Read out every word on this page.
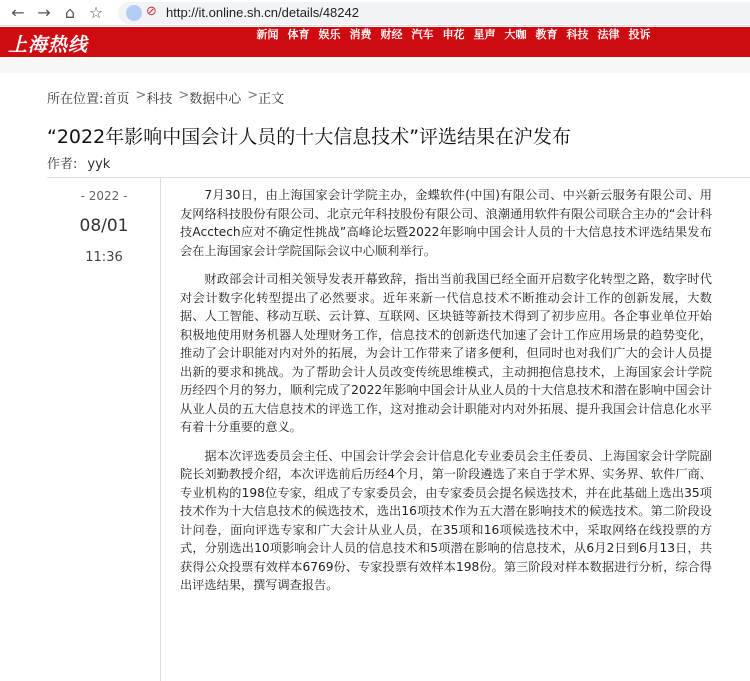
← → ⌂ ☆	⊘ http://it.online.sh.cn/details/48242
上海热线	新闻 体育 娱乐 消费 财经 汽车 申花 星声 大咖 教育 科技 法律 投诉
所在位置: 首页 > 科技 > 数据中心 > 正文
“2022年影响中国会计人员的十大信息技术”评选结果在沪发布
作者: yyk
- 2022 -
08/01
11:36

7月30日，由上海国家会计学院主办，金蝶软件(中国)有限公司、中兴新云服务有限公司、用友网络科技股份有限公司、北京元年科技股份有限公司、浪潮通用软件有限公司联合主办的“会计科技Acctech应对不确定性挑战”高峰论坛暨2022年影响中国会计人员的十大信息技术评选结果发布会在上海国家会计学院国际会议中心顺利举行。

财政部会计司相关领导发表开幕致辞，指出当前我国已经全面开启数字化转型之路，数字时代对会计数字化转型提出了必然要求。近年来新一代信息技术不断推动会计工作的创新发展，大数据、人工智能、移动互联、云计算、互联网、区块链等新技术得到了初步应用。各企事业单位开始积极地使用财务机器人处理财务工作，信息技术的创新迭代加速了会计工作应用场景的趋势变化，推动了会计职能对内对外的拓展，为会计工作带来了诸多便利，但同时也对我们广大的会计人员提出新的要求和挑战。为了帮助会计人员改变传统思维模式，主动拥抱信息技术，上海国家会计学院历经四个月的努力，顺利完成了2022年影响中国会计从业人员的十大信息技术和潜在影响中国会计从业人员的五大信息技术的评选工作，这对推动会计职能对内对外拓展、提升我国会计信息化水平有着十分重要的意义。

据本次评选委员会主任、中国会计学会会计信息化专业委员会主任委员、上海国家会计学院副院长刘勤教授介绍，本次评选前后历经4个月，第一阶段遴选了来自于学术界、实务界、软件厂商、专业机构的198位专家，组成了专家委员会，由专家委员会提名候选技术，并在此基础上选出35项技术作为十大信息技术的候选技术，选出16项技术作为五大潜在影响技术的候选技术。第二阶段设计问卷，面向评选专家和广大会计从业人员，在35项和16项候选技术中，采取网络在线投票的方式，分别选出10项影响会计人员的信息技术和5项潜在影响的信息技术，从6月2日到6月13日，共获得公众投票有效样本6769份、专家投票有效样本198份。第三阶段对样本数据进行分析，综合得出评选结果，撰写调查报告。
